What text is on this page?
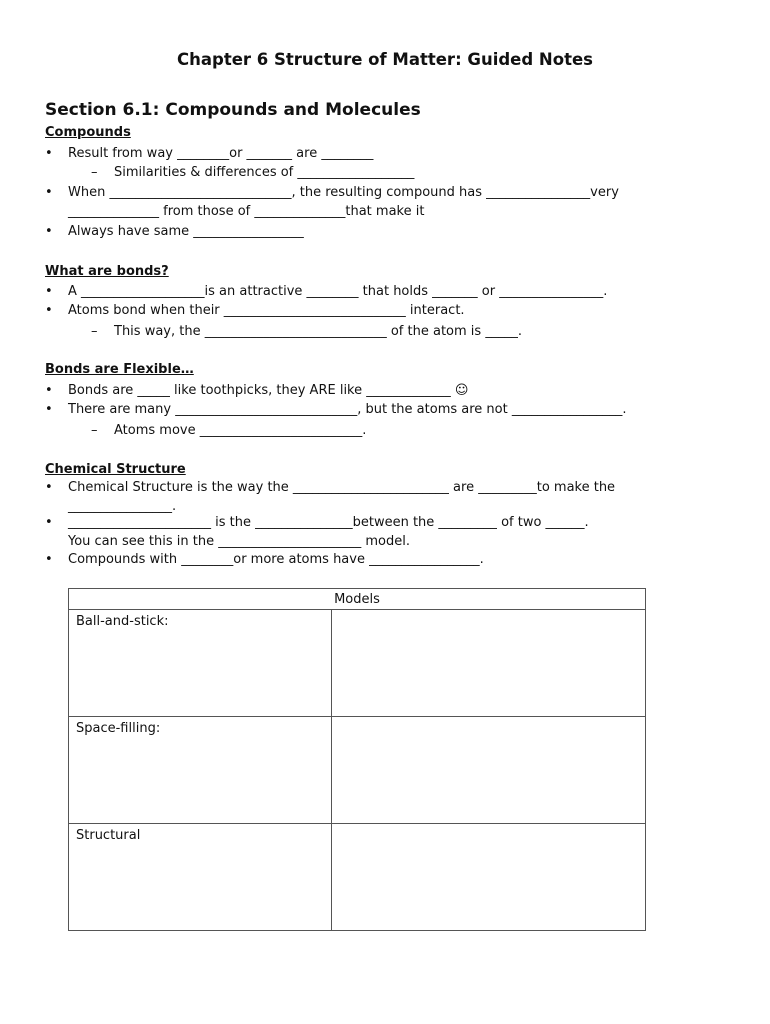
Chapter 6 Structure of Matter: Guided Notes
Section 6.1: Compounds and Molecules
Compounds
• Result from way ________or _______ are ________
– Similarities & differences of __________________
• When ____________________________, the resulting compound has ________________very
______________ from those of ______________that make it
• Always have same _________________
What are bonds?
• A ___________________is an attractive ________ that holds _______ or ________________.
• Atoms bond when their ____________________________ interact.
– This way, the ____________________________ of the atom is _____.
Bonds are Flexible…
• Bonds are _____ like toothpicks, they ARE like _____________ ☺
• There are many ____________________________, but the atoms are not _________________.
– Atoms move _________________________.
Chemical Structure
• Chemical Structure is the way the ________________________ are _________to make the
________________.
• ______________________ is the _______________between the _________ of two ______.
You can see this in the ______________________ model.
• Compounds with ________or more atoms have _________________.
Models	
Ball-and-stick:	
Space-filling:	
Structural	
